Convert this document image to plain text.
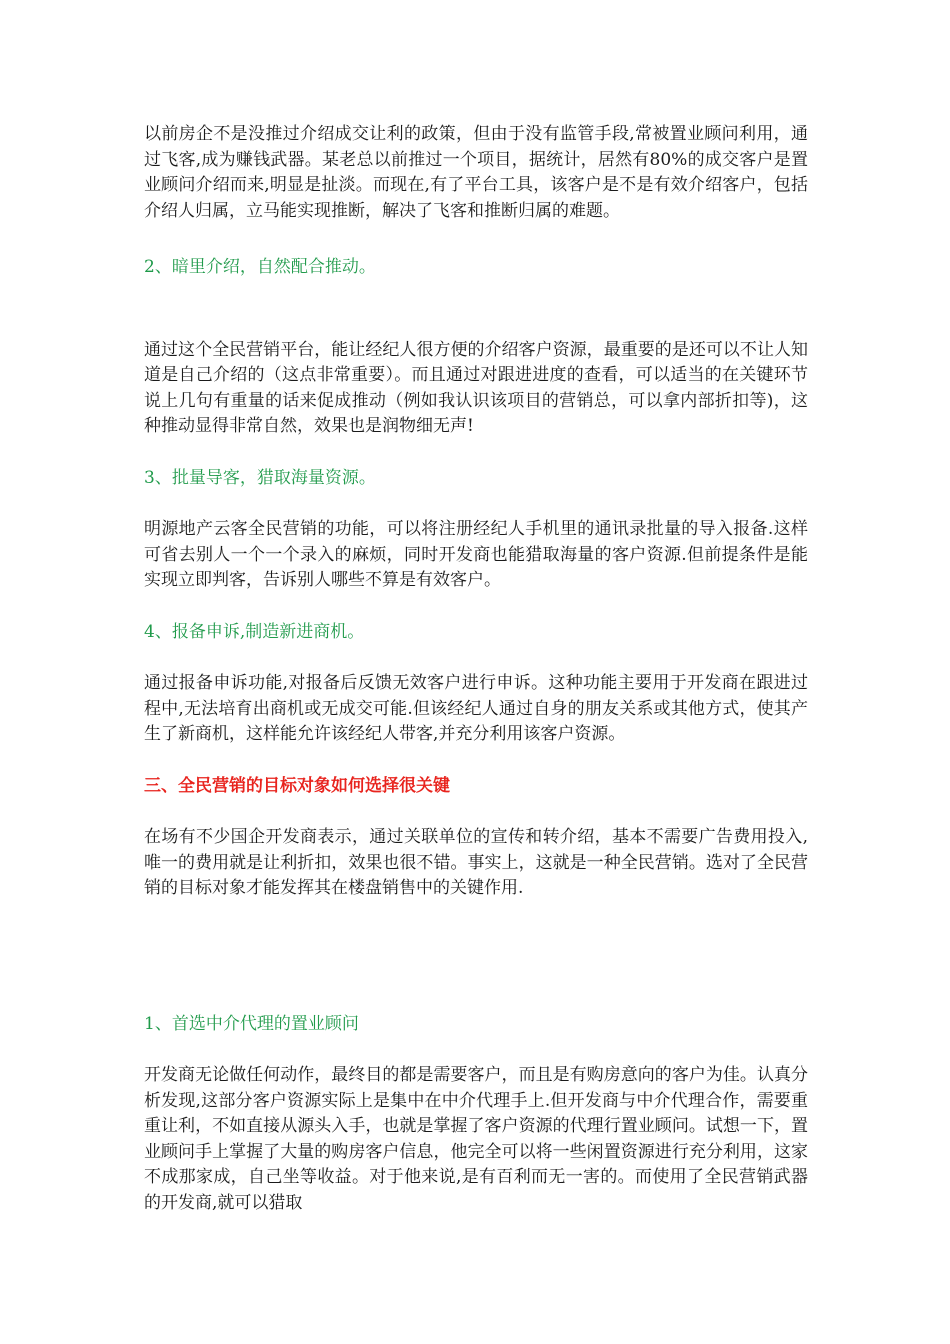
以前房企不是没推过介绍成交让利的政策，但由于没有监管手段,常被置业顾问利用，通过飞客,成为赚钱武器。某老总以前推过一个项目，据统计，居然有80%的成交客户是置业顾问介绍而来,明显是扯淡。而现在,有了平台工具，该客户是不是有效介绍客户，包括介绍人归属，立马能实现推断，解决了飞客和推断归属的难题。

2、暗里介绍，自然配合推动。

通过这个全民营销平台，能让经纪人很方便的介绍客户资源，最重要的是还可以不让人知道是自己介绍的（这点非常重要）。而且通过对跟进进度的查看，可以适当的在关键环节说上几句有重量的话来促成推动（例如我认识该项目的营销总，可以拿内部折扣等)，这种推动显得非常自然，效果也是润物细无声!

3、批量导客，猎取海量资源。

明源地产云客全民营销的功能，可以将注册经纪人手机里的通讯录批量的导入报备.这样可省去别人一个一个录入的麻烦，同时开发商也能猎取海量的客户资源.但前提条件是能实现立即判客，告诉别人哪些不算是有效客户。

4、报备申诉,制造新进商机。

通过报备申诉功能,对报备后反馈无效客户进行申诉。这种功能主要用于开发商在跟进过程中,无法培育出商机或无成交可能.但该经纪人通过自身的朋友关系或其他方式，使其产生了新商机，这样能允许该经纪人带客,并充分利用该客户资源。

三、全民营销的目标对象如何选择很关键

在场有不少国企开发商表示，通过关联单位的宣传和转介绍，基本不需要广告费用投入,唯一的费用就是让利折扣，效果也很不错。事实上，这就是一种全民营销。选对了全民营销的目标对象才能发挥其在楼盘销售中的关键作用.

1、首选中介代理的置业顾问

开发商无论做任何动作，最终目的都是需要客户，而且是有购房意向的客户为佳。认真分析发现,这部分客户资源实际上是集中在中介代理手上.但开发商与中介代理合作，需要重重让利，不如直接从源头入手，也就是掌握了客户资源的代理行置业顾问。试想一下，置业顾问手上掌握了大量的购房客户信息，他完全可以将一些闲置资源进行充分利用，这家不成那家成，自己坐等收益。对于他来说,是有百利而无一害的。而使用了全民营销武器的开发商,就可以猎取
